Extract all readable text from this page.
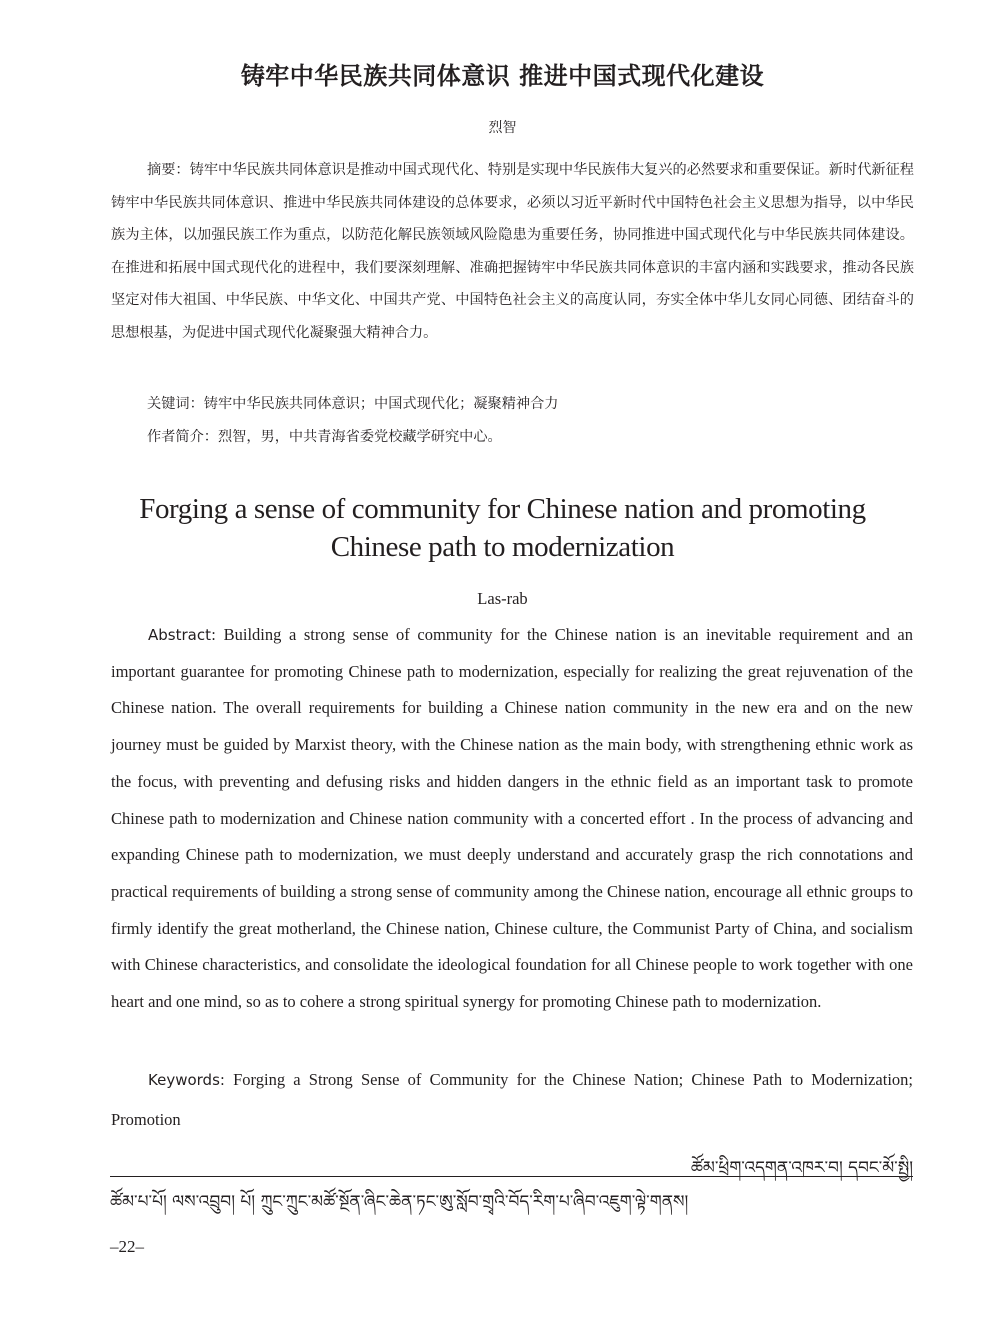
铸牢中华民族共同体意识 推进中国式现代化建设
烈智
摘要：铸牢中华民族共同体意识是推动中国式现代化、特别是实现中华民族伟大复兴的必然要求和重要保证。新时代新征程铸牢中华民族共同体意识、推进中华民族共同体建设的总体要求，必须以习近平新时代中国特色社会主义思想为指导，以中华民族为主体，以加强民族工作为重点，以防范化解民族领域风险隐患为重要任务，协同推进中国式现代化与中华民族共同体建设。在推进和拓展中国式现代化的进程中，我们要深刻理解、准确把握铸牢中华民族共同体意识的丰富内涵和实践要求，推动各民族坚定对伟大祖国、中华民族、中华文化、中国共产党、中国特色社会主义的高度认同，夯实全体中华儿女同心同德、团结奋斗的思想根基，为促进中国式现代化凝聚强大精神合力。
关键词：铸牢中华民族共同体意识；中国式现代化；凝聚精神合力
作者简介：烈智，男，中共青海省委党校藏学研究中心。
Forging a sense of community for Chinese nation and promoting
Chinese path to modernization
Las-rab
Abstract: Building a strong sense of community for the Chinese nation is an inevitable requirement and an important guarantee for promoting Chinese path to modernization, especially for realizing the great rejuvenation of the Chinese nation. The overall requirements for building a Chinese nation community in the new era and on the new journey must be guided by Marxist theory, with the Chinese nation as the main body, with strengthening ethnic work as the focus, with preventing and defusing risks and hidden dangers in the ethnic field as an important task to promote Chinese path to modernization and Chinese nation community with a concerted effort . In the process of advancing and expanding Chinese path to modernization, we must deeply understand and accurately grasp the rich connotations and practical requirements of building a strong sense of community among the Chinese nation, encourage all ethnic groups to firmly identify the great motherland, the Chinese nation, Chinese culture, the Communist Party of China, and socialism with Chinese characteristics, and consolidate the ideological foundation for all Chinese people to work together with one heart and one mind, so as to cohere a strong spiritual synergy for promoting Chinese path to modernization.
Keywords: Forging a Strong Sense of Community for the Chinese Nation; Chinese Path to Modernization; Promotion
ཚོམ་ཕྲིག་འདགན་འཁར་བ། དབང་མོ་སྤྱི།
ཚོམ་པ་པོ། ལས་འབྲུབ། པོ། ཀྲུང་ཀྲུང་མཚོ་སྔོན་ཞིང་ཆེན་ཏང་ཨུ་སློབ་གྲྭའི་བོད་རིག་པ་ཞིབ་འཇུག་ལྟེ་གནས།
–22–
